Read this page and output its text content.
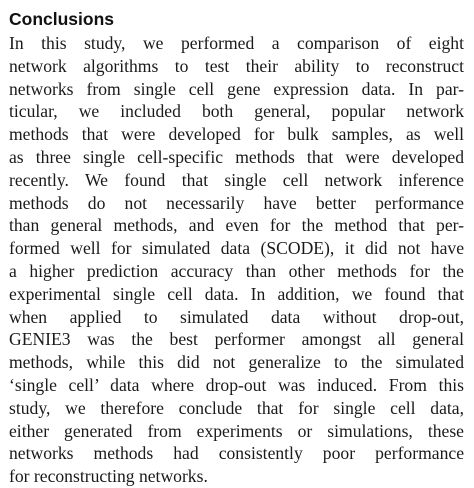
Conclusions
In this study, we performed a comparison of eight
network algorithms to test their ability to reconstruct
networks from single cell gene expression data. In par-
ticular, we included both general, popular network
methods that were developed for bulk samples, as well
as three single cell-specific methods that were developed
recently. We found that single cell network inference
methods do not necessarily have better performance
than general methods, and even for the method that per-
formed well for simulated data (SCODE), it did not have
a higher prediction accuracy than other methods for the
experimental single cell data. In addition, we found that
when applied to simulated data without drop-out,
GENIE3 was the best performer amongst all general
methods, while this did not generalize to the simulated
‘single cell’ data where drop-out was induced. From this
study, we therefore conclude that for single cell data,
either generated from experiments or simulations, these
networks methods had consistently poor performance
for reconstructing networks.
